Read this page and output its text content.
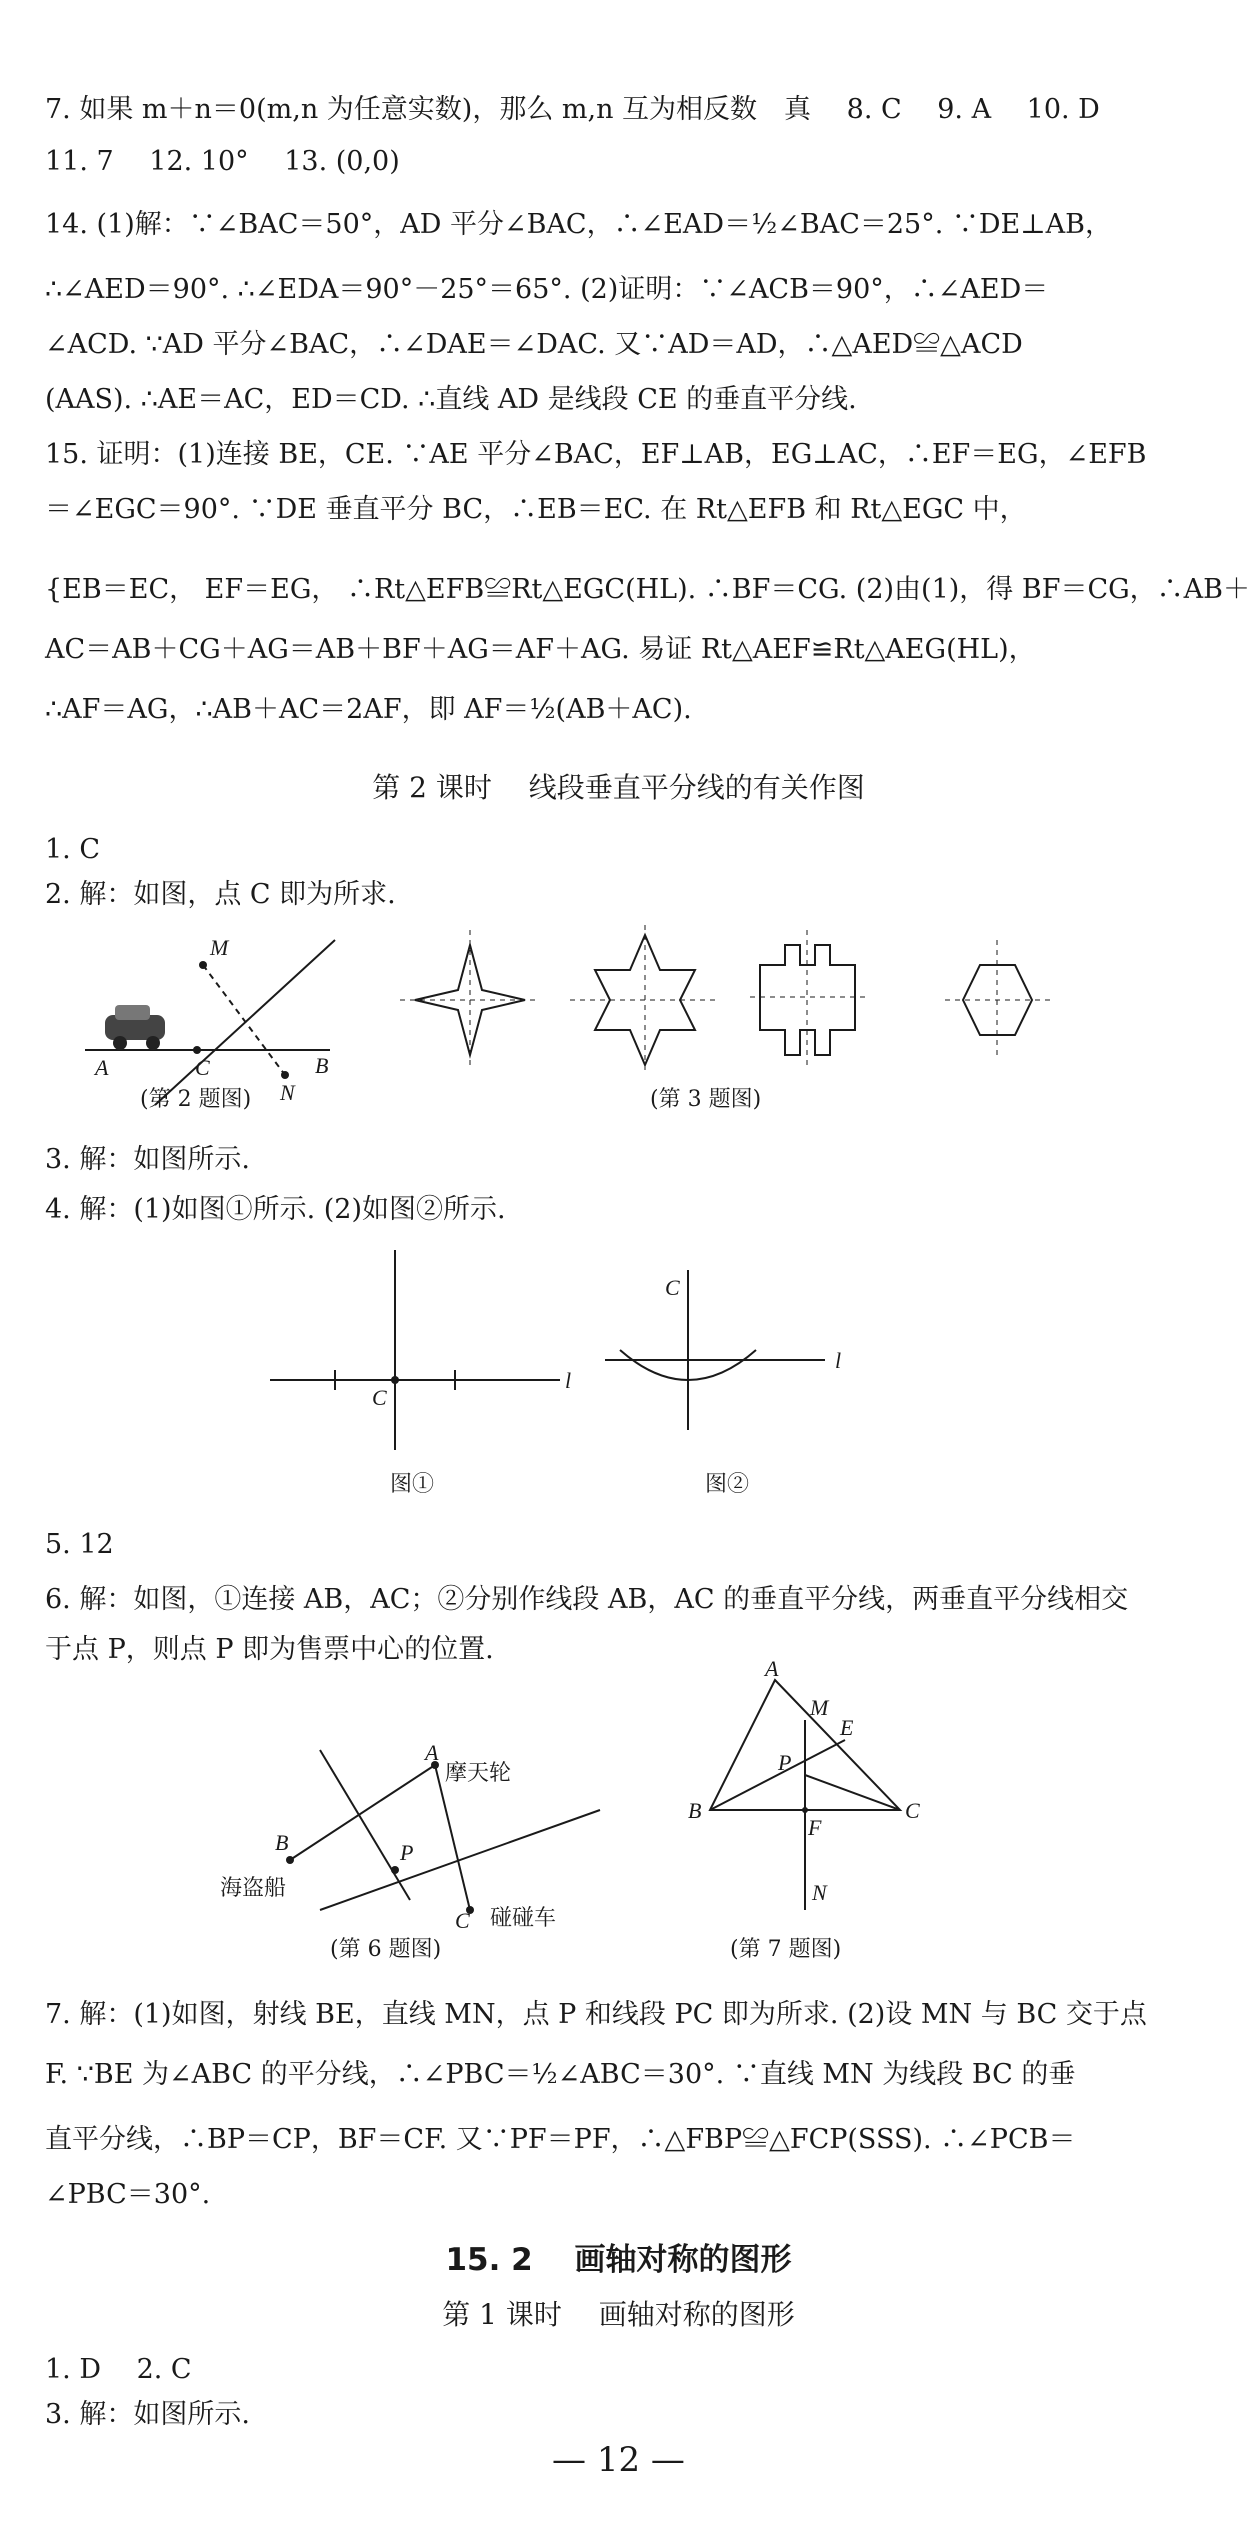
7. 如果 m＋n＝0(m,n 为任意实数)，那么 m,n 互为相反数　真　 8. C　 9. A　 10. D
11. 7　 12. 10°　 13. (0,0)
14. (1)解：∵∠BAC＝50°，AD 平分∠BAC，∴∠EAD＝½∠BAC＝25°. ∵DE⊥AB，
∴∠AED＝90°. ∴∠EDA＝90°－25°＝65°. (2)证明：∵∠ACB＝90°，∴∠AED＝
∠ACD. ∵AD 平分∠BAC，∴∠DAE＝∠DAC. 又∵AD＝AD，∴△AED≌△ACD
(AAS). ∴AE＝AC，ED＝CD. ∴直线 AD 是线段 CE 的垂直平分线.
15. 证明：(1)连接 BE，CE. ∵AE 平分∠BAC，EF⊥AB，EG⊥AC，∴EF＝EG，∠EFB
＝∠EGC＝90°. ∵DE 垂直平分 BC，∴EB＝EC. 在 Rt△EFB 和 Rt△EGC 中，
{EB＝EC， EF＝EG， ∴Rt△EFB≌Rt△EGC(HL). ∴BF＝CG. (2)由(1)，得 BF＝CG，∴AB＋
AC＝AB＋CG＋AG＝AB＋BF＋AG＝AF＋AG. 易证 Rt△AEF≌Rt△AEG(HL)，
∴AF＝AG，∴AB＋AC＝2AF，即 AF＝½(AB＋AC).
第 2 课时　 线段垂直平分线的有关作图
1. C
2. 解：如图，点 C 即为所求.
M
A	C	B
N
(第 2 题图)	(第 3 题图)
3. 解：如图所示.
4. 解：(1)如图①所示. (2)如图②所示.
C
l
C
l
图①	图②
5. 12
6. 解：如图，①连接 AB，AC；②分别作线段 AB，AC 的垂直平分线，两垂直平分线相交
于点 P，则点 P 即为售票中心的位置.
A
摩天轮
B
海盗船
P
C 碰碰车
(第 6 题图)
A
M
E
P
B
F
C
N
(第 7 题图)
7. 解：(1)如图，射线 BE，直线 MN，点 P 和线段 PC 即为所求. (2)设 MN 与 BC 交于点
F. ∵BE 为∠ABC 的平分线，∴∠PBC＝½∠ABC＝30°. ∵直线 MN 为线段 BC 的垂
直平分线，∴BP＝CP，BF＝CF. 又∵PF＝PF，∴△FBP≌△FCP(SSS). ∴∠PCB＝
∠PBC＝30°.
15. 2　 画轴对称的图形
第 1 课时　 画轴对称的图形
1. D　 2. C
3. 解：如图所示.
— 12 —
